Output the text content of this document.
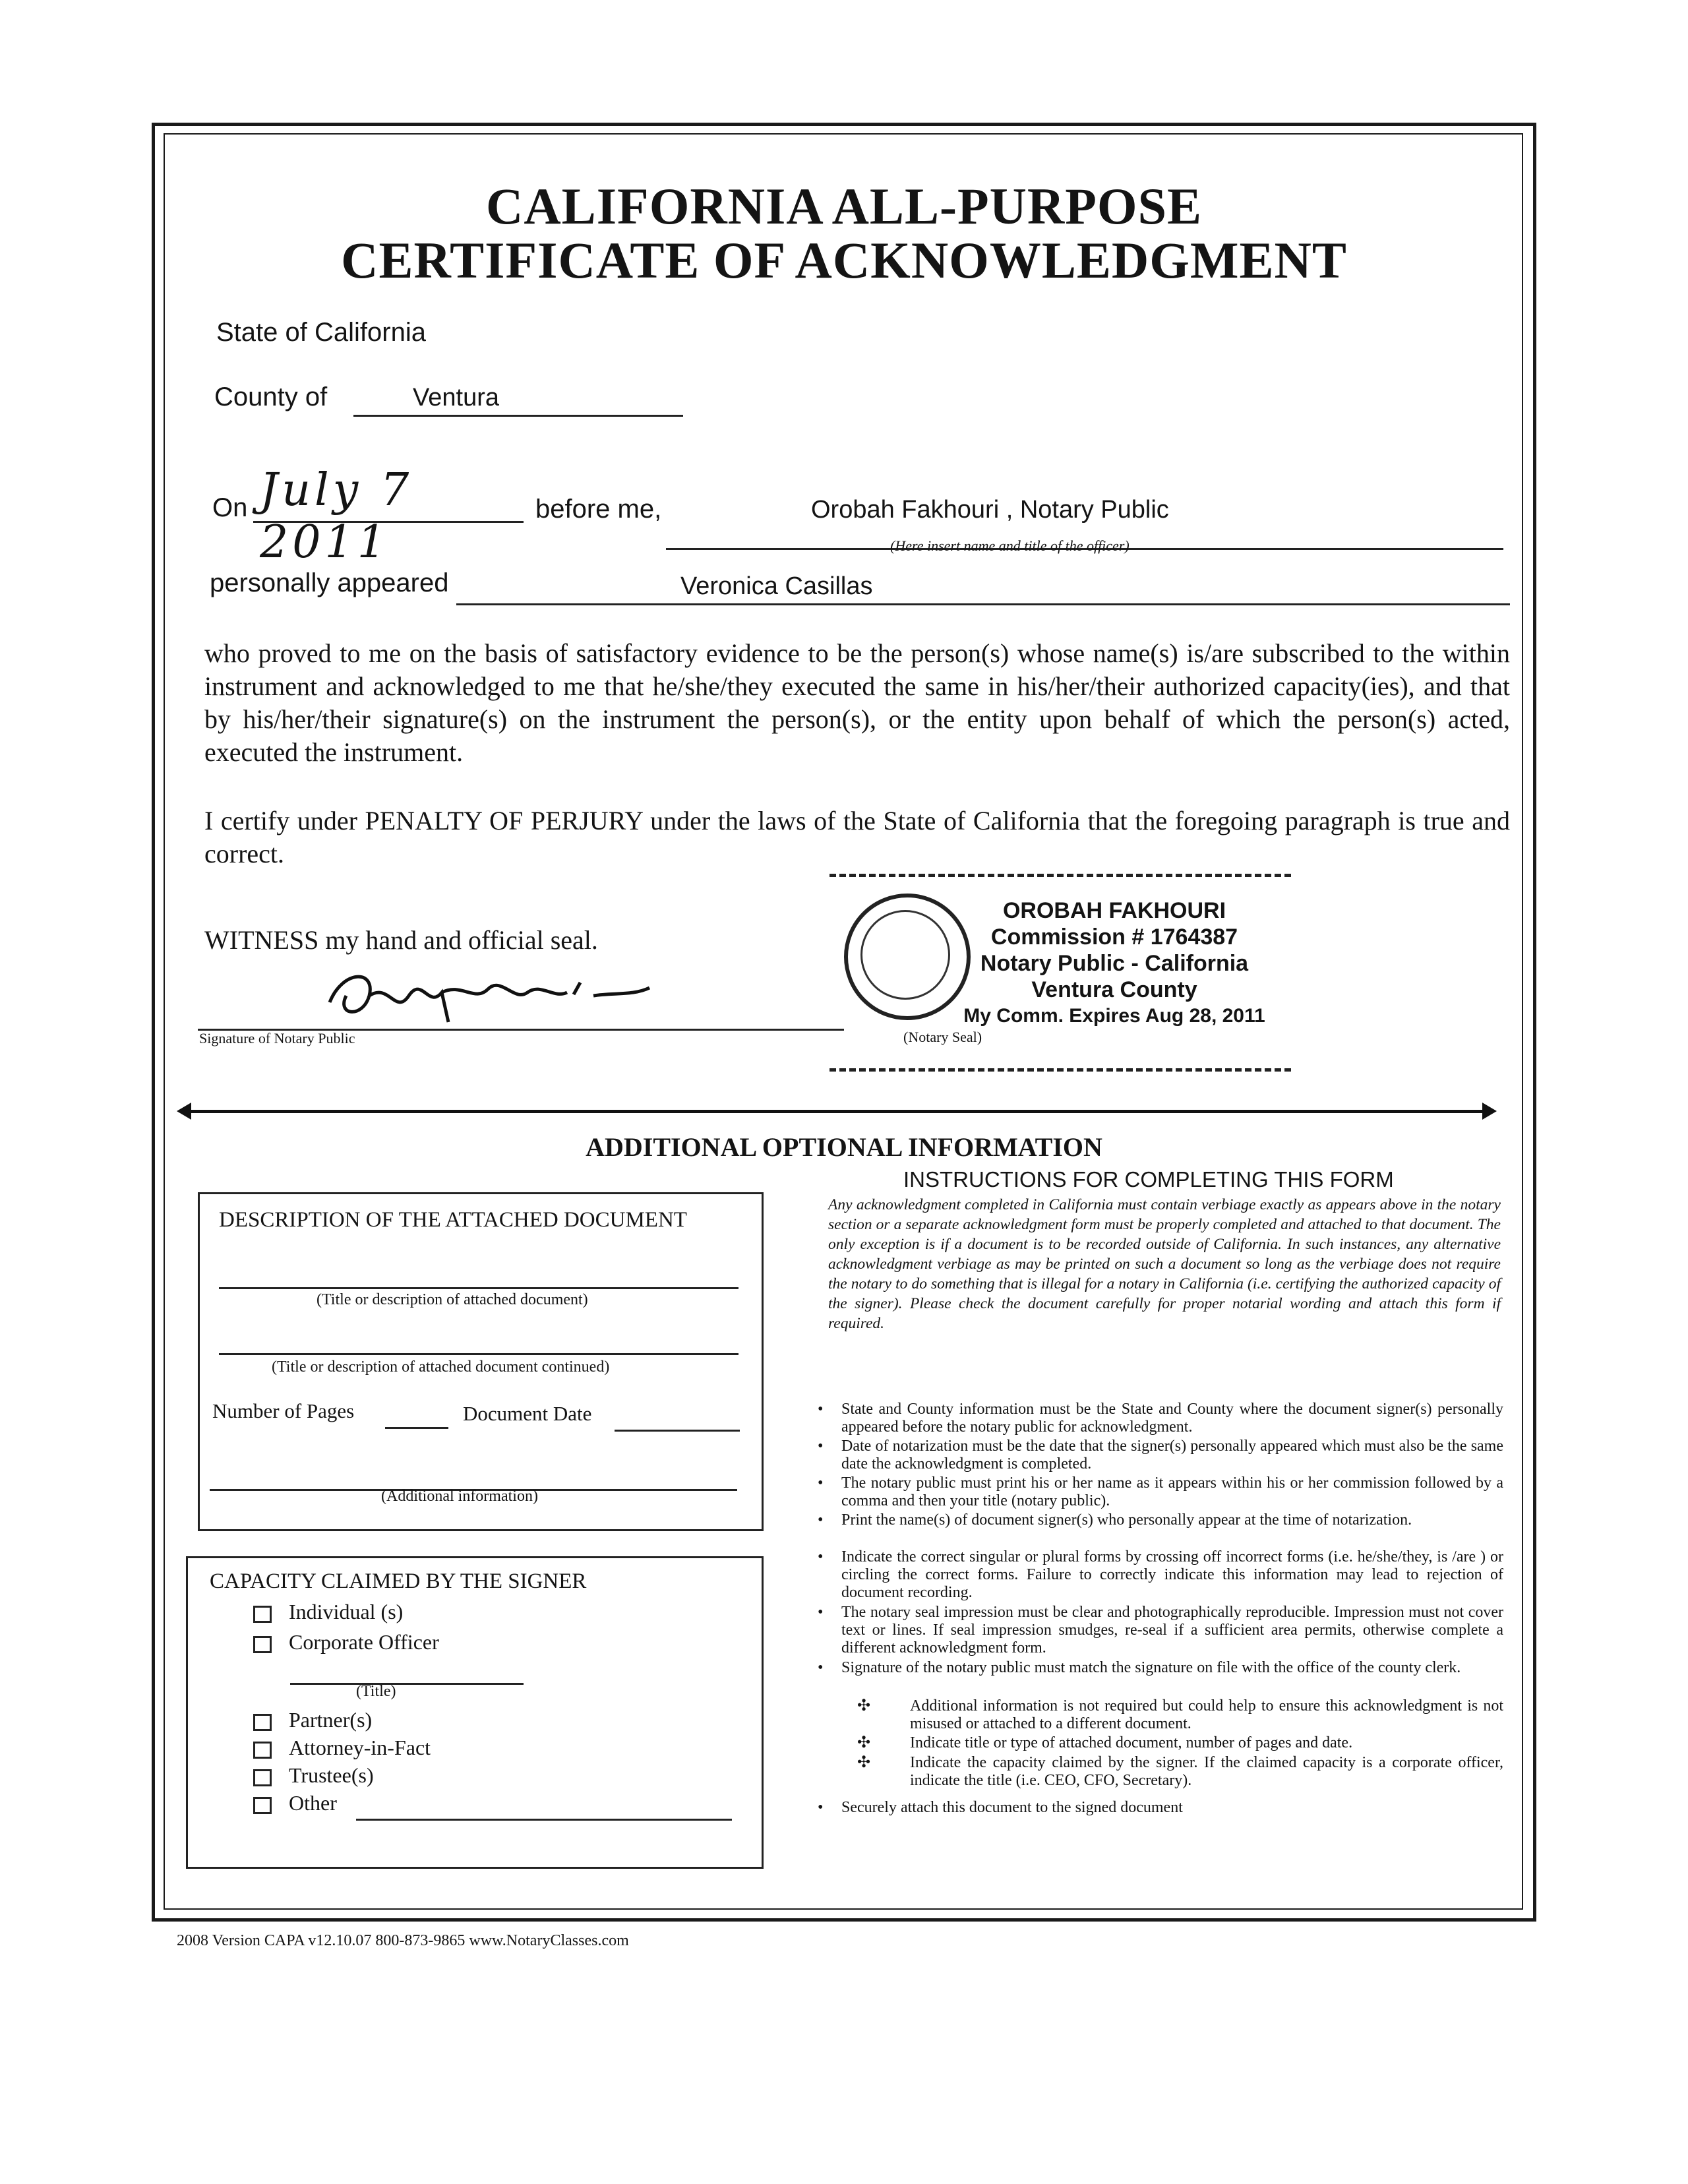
CALIFORNIA ALL-PURPOSE
CERTIFICATE OF ACKNOWLEDGMENT
State of California
County of	Ventura
On July 7 2011
before me,	Orobah Fakhouri , Notary Public
(Here insert name and title of the officer)
personally appeared	Veronica Casillas
who proved to me on the basis of satisfactory evidence to be the person(s) whose name(s) is/are subscribed to the within instrument and acknowledged to me that he/she/they executed the same in his/her/their authorized capacity(ies), and that by his/her/their signature(s) on the instrument the person(s), or the entity upon behalf of which the person(s) acted, executed the instrument.
I certify under PENALTY OF PERJURY under the laws of the State of California that the foregoing paragraph is true and correct.
WITNESS my hand and official seal.
Signature of Notary Public	(Notary Seal)
OROBAH FAKHOURI
Commission # 1764387
Notary Public - California
Ventura County
My Comm. Expires Aug 28, 2011
ADDITIONAL OPTIONAL INFORMATION
DESCRIPTION OF THE ATTACHED DOCUMENT
(Title or description of attached document)
(Title or description of attached document continued)
Number of Pages	Document Date
(Additional information)
CAPACITY CLAIMED BY THE SIGNER
Individual (s)
Corporate Officer
(Title)
Partner(s)
Attorney-in-Fact
Trustee(s)
Other
INSTRUCTIONS FOR COMPLETING THIS FORM
Any acknowledgment completed in California must contain verbiage exactly as appears above in the notary section or a separate acknowledgment form must be properly completed and attached to that document. The only exception is if a document is to be recorded outside of California. In such instances, any alternative acknowledgment verbiage as may be printed on such a document so long as the verbiage does not require the notary to do something that is illegal for a notary in California (i.e. certifying the authorized capacity of the signer). Please check the document carefully for proper notarial wording and attach this form if required.
•	State and County information must be the State and County where the document signer(s) personally appeared before the notary public for acknowledgment.
•	Date of notarization must be the date that the signer(s) personally appeared which must also be the same date the acknowledgment is completed.
•	The notary public must print his or her name as it appears within his or her commission followed by a comma and then your title (notary public).
•	Print the name(s) of document signer(s) who personally appear at the time of notarization.
•	Indicate the correct singular or plural forms by crossing off incorrect forms (i.e. he/she/they, is /are ) or circling the correct forms. Failure to correctly indicate this information may lead to rejection of document recording.
•	The notary seal impression must be clear and photographically reproducible. Impression must not cover text or lines. If seal impression smudges, re-seal if a sufficient area permits, otherwise complete a different acknowledgment form.
•	Signature of the notary public must match the signature on file with the office of the county clerk.
✣	Additional information is not required but could help to ensure this acknowledgment is not misused or attached to a different document.
✣	Indicate title or type of attached document, number of pages and date.
✣	Indicate the capacity claimed by the signer. If the claimed capacity is a corporate officer, indicate the title (i.e. CEO, CFO, Secretary).
•	Securely attach this document to the signed document
2008 Version CAPA v12.10.07 800-873-9865 www.NotaryClasses.com
